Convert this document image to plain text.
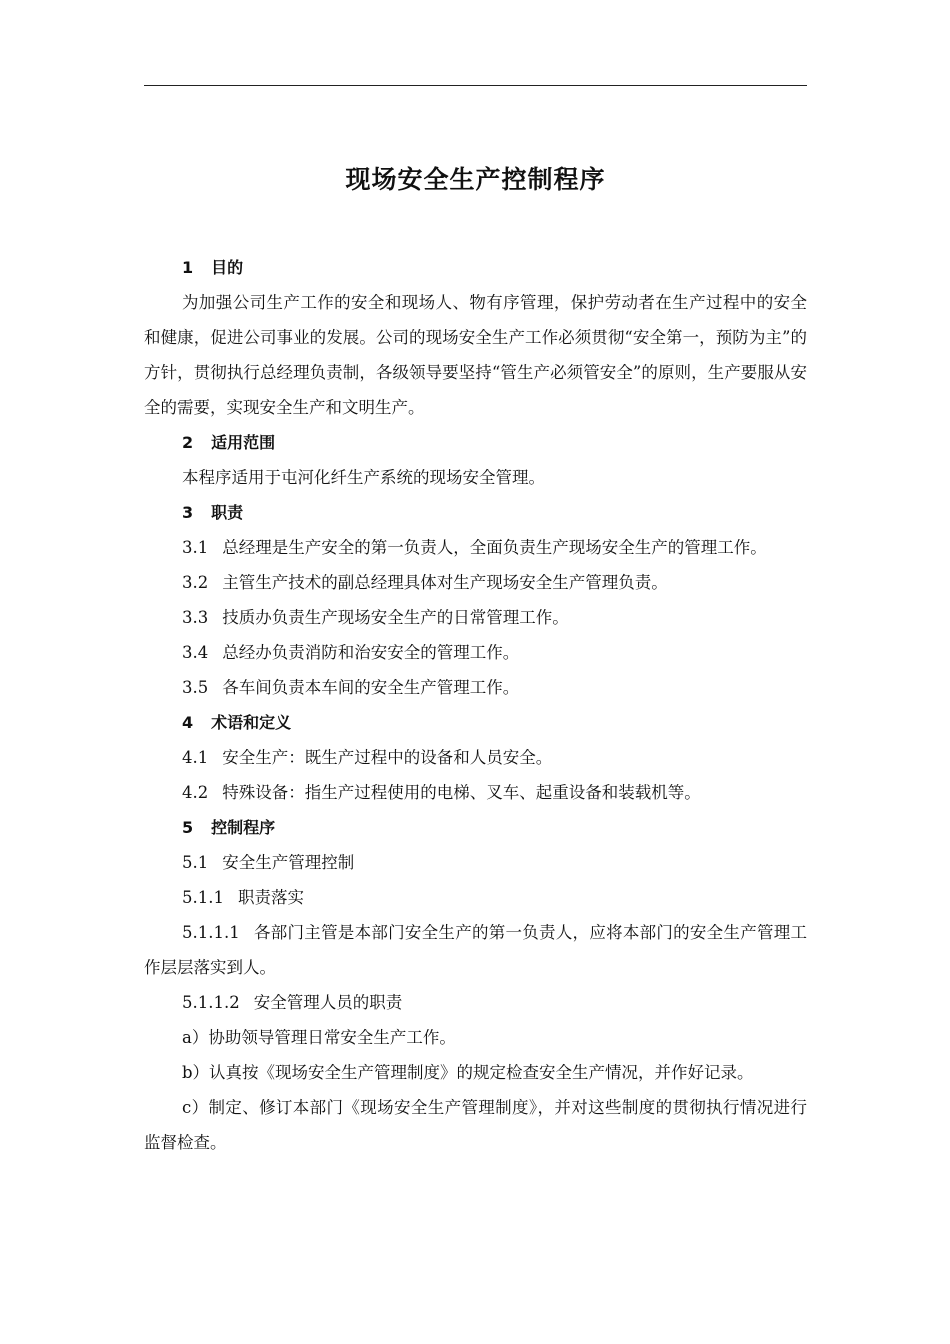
现场安全生产控制程序

1 目的

为加强公司生产工作的安全和现场人、物有序管理，保护劳动者在生产过程中的安全和健康，促进公司事业的发展。公司的现场安全生产工作必须贯彻“安全第一，预防为主”的方针，贯彻执行总经理负责制，各级领导要坚持“管生产必须管安全”的原则，生产要服从安全的需要，实现安全生产和文明生产。

2 适用范围

本程序适用于屯河化纤生产系统的现场安全管理。

3 职责

3.1 总经理是生产安全的第一负责人，全面负责生产现场安全生产的管理工作。

3.2 主管生产技术的副总经理具体对生产现场安全生产管理负责。

3.3 技质办负责生产现场安全生产的日常管理工作。

3.4 总经办负责消防和治安安全的管理工作。

3.5 各车间负责本车间的安全生产管理工作。

4 术语和定义

4.1 安全生产：既生产过程中的设备和人员安全。

4.2 特殊设备：指生产过程使用的电梯、叉车、起重设备和装载机等。

5 控制程序

5.1 安全生产管理控制

5.1.1 职责落实

5.1.1.1 各部门主管是本部门安全生产的第一负责人，应将本部门的安全生产管理工作层层落实到人。

5.1.1.2 安全管理人员的职责

a）协助领导管理日常安全生产工作。

b）认真按《现场安全生产管理制度》的规定检查安全生产情况，并作好记录。

c）制定、修订本部门《现场安全生产管理制度》，并对这些制度的贯彻执行情况进行监督检查。
